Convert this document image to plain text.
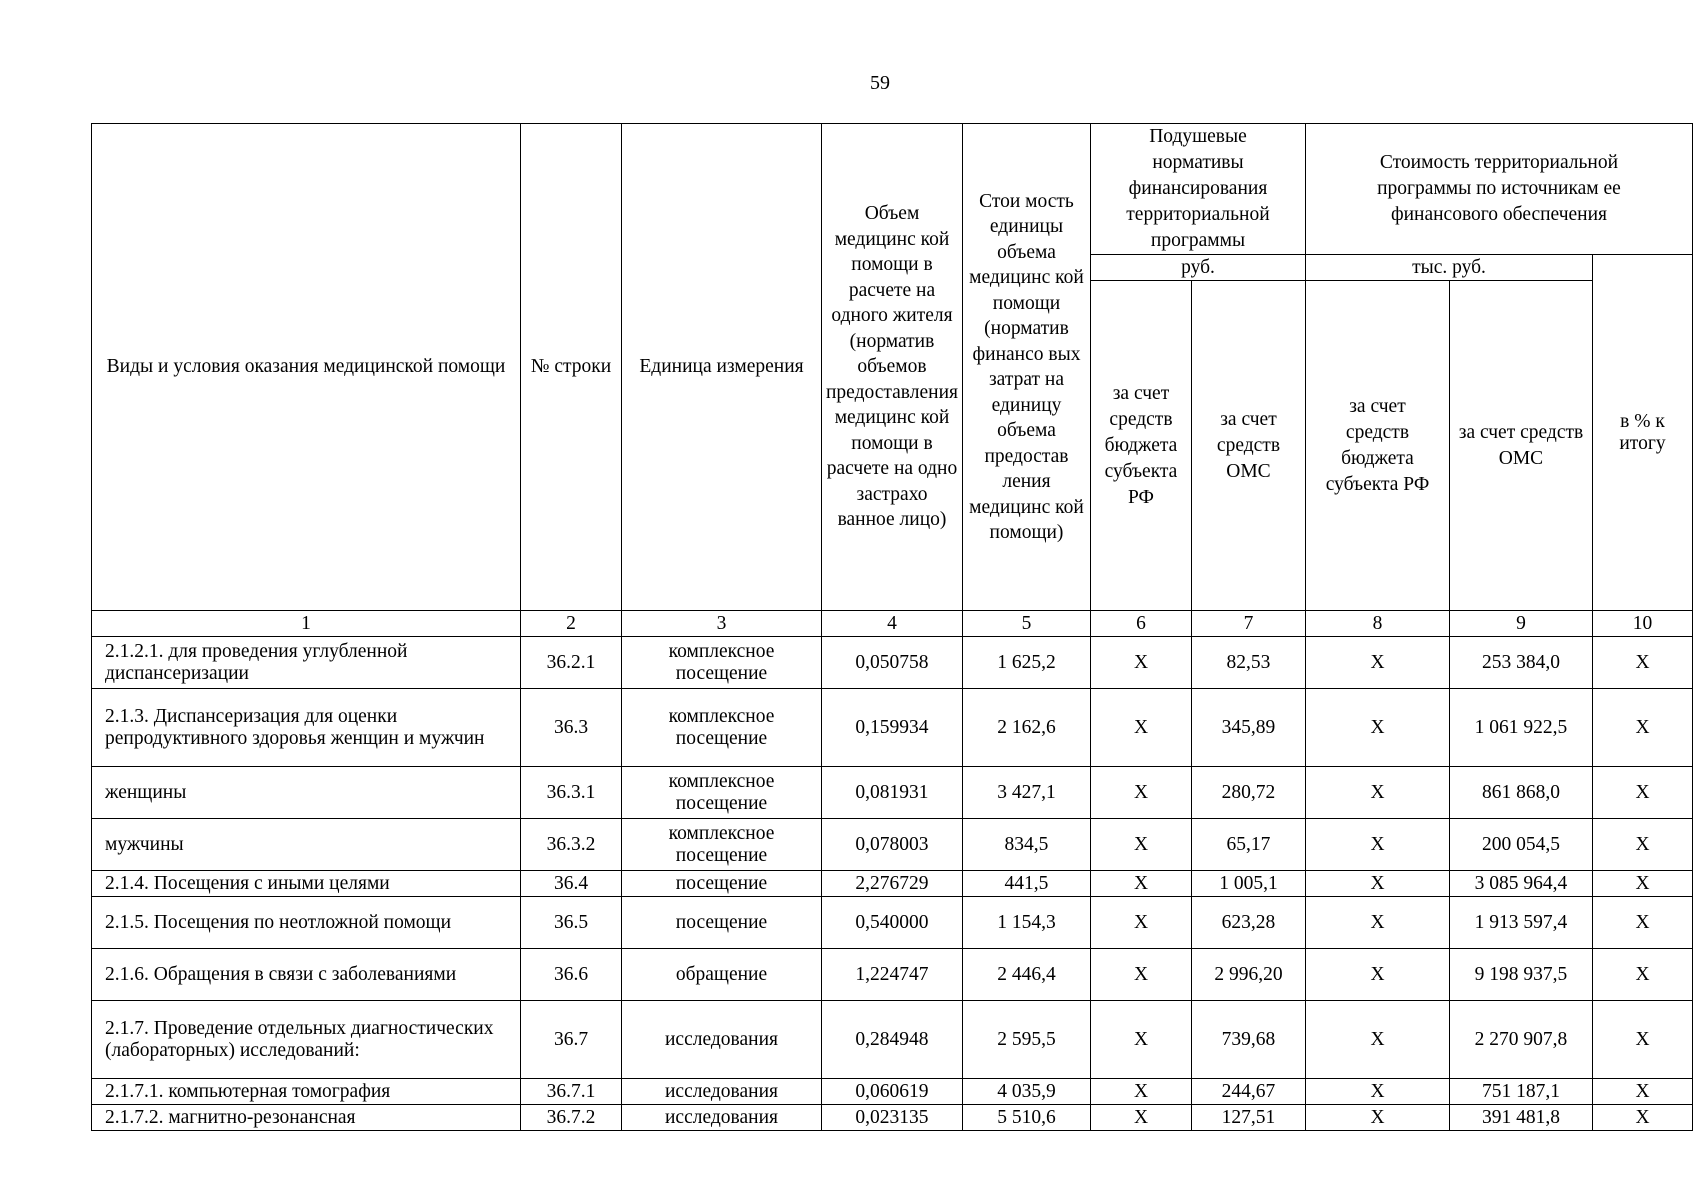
59
Виды и условия оказания медицинской помощи	№ строки	Единица измерения	Объем медицинс кой помощи в расчете на одного жителя (норматив объемов предоставления медицинс кой помощи в расчете на одно застрахо ванное лицо)	Стои мость единицы объема медицинс кой помощи (норматив финансо вых затрат на единицу объема предостав ления медицинс кой помощи)	Подушевые нормативы финансирования территориальной программы		Стоимость территориальной программы по источникам ее финансового обеспечения		
					руб.		тыс. руб.		в % к итогу
					за счет средств бюджета субъекта РФ	за счет средств ОМС	за счет средств бюджета субъекта РФ	за счет средств ОМС	
1	2	3	4	5	6	7	8	9	10
2.1.2.1. для проведения углубленной диспансеризации	36.2.1	комплексное посещение	0,050758	1 625,2	X	82,53	X	253 384,0	X
2.1.3. Диспансеризация для оценки репродуктивного здоровья женщин и мужчин	36.3	комплексное посещение	0,159934	2 162,6	X	345,89	X	1 061 922,5	X
женщины	36.3.1	комплексное посещение	0,081931	3 427,1	X	280,72	X	861 868,0	X
мужчины	36.3.2	комплексное посещение	0,078003	834,5	X	65,17	X	200 054,5	X
2.1.4. Посещения с иными целями	36.4	посещение	2,276729	441,5	X	1 005,1	X	3 085 964,4	X
2.1.5. Посещения по неотложной помощи	36.5	посещение	0,540000	1 154,3	X	623,28	X	1 913 597,4	X
2.1.6. Обращения в связи с заболеваниями	36.6	обращение	1,224747	2 446,4	X	2 996,20	X	9 198 937,5	X
2.1.7. Проведение отдельных диагностических (лабораторных) исследований:	36.7	исследования	0,284948	2 595,5	X	739,68	X	2 270 907,8	X
2.1.7.1. компьютерная томография	36.7.1	исследования	0,060619	4 035,9	X	244,67	X	751 187,1	X
2.1.7.2. магнитно-резонансная	36.7.2	исследования	0,023135	5 510,6	X	127,51	X	391 481,8	X
